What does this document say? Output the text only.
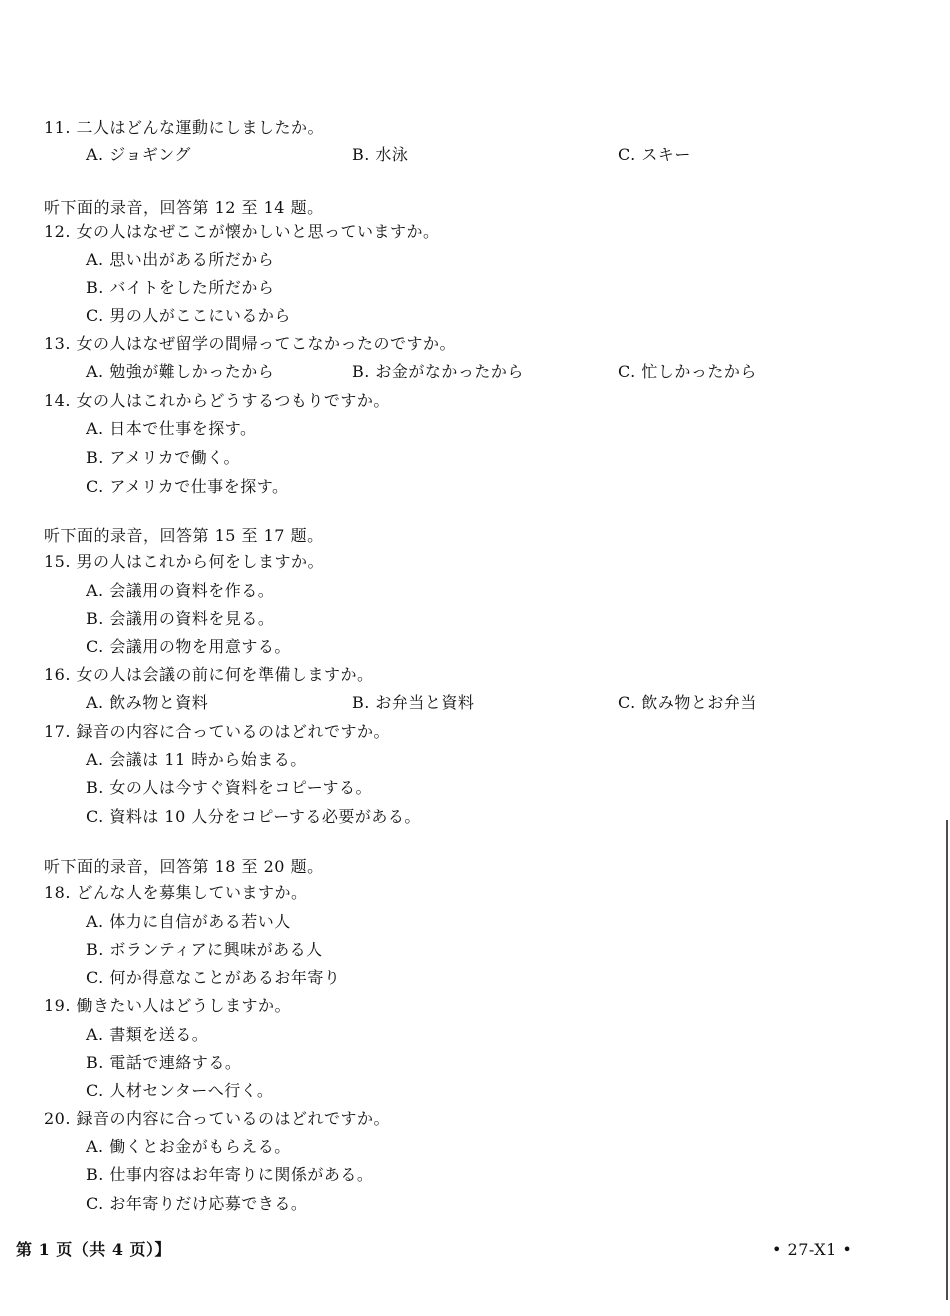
11. 二人はどんな運動にしましたか。
A. ジョギング	B. 水泳	C. スキー
听下面的录音，回答第 12 至 14 题。
12. 女の人はなぜここが懐かしいと思っていますか。
A. 思い出がある所だから
B. バイトをした所だから
C. 男の人がここにいるから
13. 女の人はなぜ留学の間帰ってこなかったのですか。
A. 勉強が難しかったから	B. お金がなかったから	C. 忙しかったから
14. 女の人はこれからどうするつもりですか。
A. 日本で仕事を探す。
B. アメリカで働く。
C. アメリカで仕事を探す。
听下面的录音，回答第 15 至 17 题。
15. 男の人はこれから何をしますか。
A. 会議用の資料を作る。
B. 会議用の資料を見る。
C. 会議用の物を用意する。
16. 女の人は会議の前に何を準備しますか。
A. 飲み物と資料	B. お弁当と資料	C. 飲み物とお弁当
17. 録音の内容に合っているのはどれですか。
A. 会議は 11 時から始まる。
B. 女の人は今すぐ資料をコピーする。
C. 資料は 10 人分をコピーする必要がある。
听下面的录音，回答第 18 至 20 题。
18. どんな人を募集していますか。
A. 体力に自信がある若い人
B. ボランティアに興味がある人
C. 何か得意なことがあるお年寄り
19. 働きたい人はどうしますか。
A. 書類を送る。
B. 電話で連絡する。
C. 人材センターへ行く。
20. 録音の内容に合っているのはどれですか。
A. 働くとお金がもらえる。
B. 仕事内容はお年寄りに関係がある。
C. お年寄りだけ応募できる。
第 1 页（共 4 页）】	• 27-X1 •
